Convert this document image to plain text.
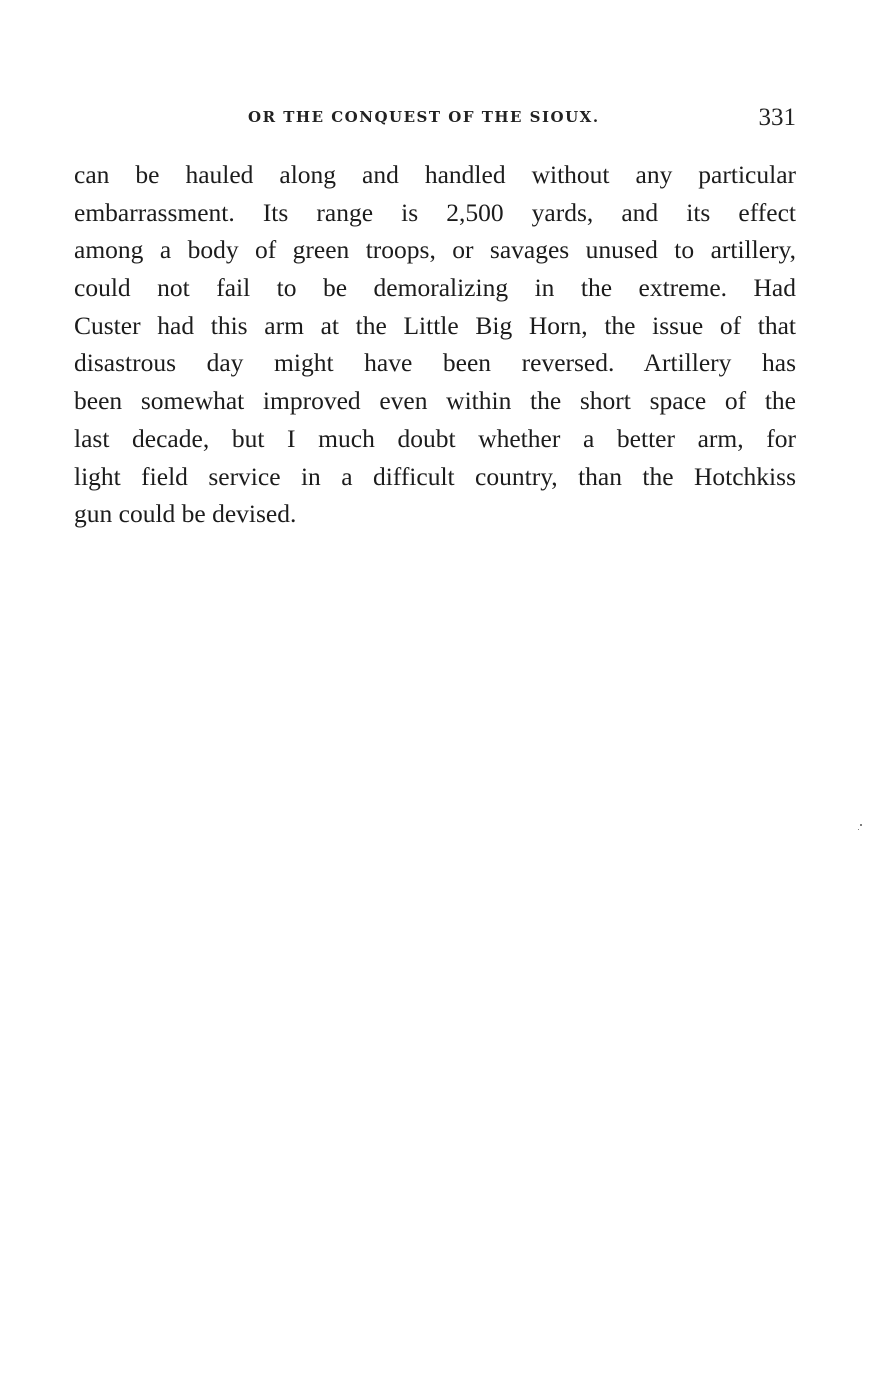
OR THE CONQUEST OF THE SIOUX.	331
can be hauled along and handled without any particular
embarrassment. Its range is 2,500 yards, and its effect
among a body of green troops, or savages unused to artillery,
could not fail to be demoralizing in the extreme. Had
Custer had this arm at the Little Big Horn, the issue of that
disastrous day might have been reversed. Artillery has
been somewhat improved even within the short space of the
last decade, but I much doubt whether a better arm, for
light field service in a difficult country, than the Hotchkiss
gun could be devised.
